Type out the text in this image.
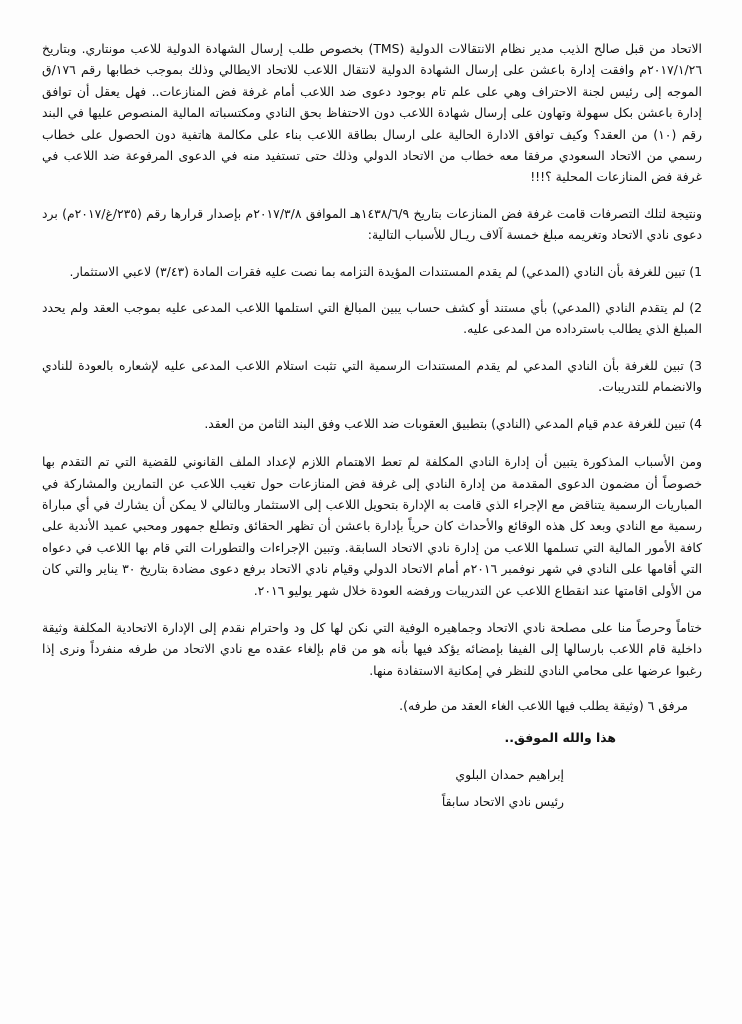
الاتحاد من قبل صالح الذيب مدير نظام الانتقالات الدولية (TMS) بخصوص طلب إرسال الشهادة الدولية للاعب مونتاري. وبتاريخ ٢٠١٧/١/٢٦م وافقت إدارة باعشن على إرسال الشهادة الدولية لانتقال اللاعب للاتحاد الايطالي وذلك بموجب خطابها رقم ١٧٦/ق الموجه إلى رئيس لجنة الاحتراف وهي على علم تام بوجود دعوى ضد اللاعب أمام غرفة فض المنازعات.. فهل يعقل أن توافق إدارة باعشن بكل سهولة وتهاون على إرسال شهادة اللاعب دون الاحتفاظ بحق النادي ومكتسباته المالية المنصوص عليها في البند رقم (١٠) من العقد؟ وكيف توافق الادارة الحالية على ارسال بطاقة اللاعب بناء على مكالمة هاتفية دون الحصول على خطاب رسمي من الاتحاد السعودي مرفقا معه خطاب من الاتحاد الدولي وذلك حتى تستفيد منه في الدعوى المرفوعة ضد اللاعب في غرفة فض المنازعات المحلية ؟!!!

ونتيجة لتلك التصرفات قامت غرفة فض المنازعات بتاريخ ١٤٣٨/٦/٩هـ الموافق ٢٠١٧/٣/٨م بإصدار قرارها رقم (٢٣٥/غ/٢٠١٧م) برد دعوى نادي الاتحاد وتغريمه مبلغ خمسة آلاف ريـال للأسباب التالية:

1) تبين للغرفة بأن النادي (المدعي) لم يقدم المستندات المؤيدة التزامه بما نصت عليه فقرات المادة (٣/٤٣) لاعبي الاستثمار.

2) لم يتقدم النادي (المدعي) بأي مستند أو كشف حساب يبين المبالغ التي استلمها اللاعب المدعى عليه بموجب العقد ولم يحدد المبلغ الذي يطالب باسترداده من المدعى عليه.

3) تبين للغرفة بأن النادي المدعي لم يقدم المستندات الرسمية التي تثبت استلام اللاعب المدعى عليه لإشعاره بالعودة للنادي والانضمام للتدريبات.

4) تبين للغرفة عدم قيام المدعي (النادي) بتطبيق العقوبات ضد اللاعب وفق البند الثامن من العقد.

ومن الأسباب المذكورة يتبين أن إدارة النادي المكلفة لم تعط الاهتمام اللازم لإعداد الملف القانوني للقضية التي تم التقدم بها خصوصاً أن مضمون الدعوى المقدمة من إدارة النادي إلى غرفة فض المنازعات حول تغيب اللاعب عن التمارين والمشاركة في المباريات الرسمية يتناقض مع الإجراء الذي قامت به الإدارة بتحويل اللاعب إلى الاستثمار وبالتالي لا يمكن أن يشارك في أي مباراة رسمية مع النادي وبعد كل هذه الوقائع والأحداث كان حرياً بإدارة باعشن أن تظهر الحقائق وتطلع جمهور ومحبي عميد الأندية على كافة الأمور المالية التي تسلمها اللاعب من إدارة نادي الاتحاد السابقة. وتبين الإجراءات والتطورات التي قام بها اللاعب في دعواه التي أقامها على النادي في شهر نوفمبر ٢٠١٦م أمام الاتحاد الدولي وقيام نادي الاتحاد برفع دعوى مضادة بتاريخ ٣٠ يناير والتي كان من الأولى اقامتها عند انقطاع اللاعب عن التدريبات ورفضه العودة خلال شهر يوليو ٢٠١٦.

ختاماً وحرصاً منا على مصلحة نادي الاتحاد وجماهيره الوفية التي نكن لها كل ود واحترام نقدم إلى الإدارة الاتحادية المكلفة وثيقة داخلية قام اللاعب بارسالها إلى الفيفا بإمضائه يؤكد فيها بأنه هو من قام بإلغاء عقده مع نادي الاتحاد من طرفه منفرداً ونرى إذا رغبوا عرضها على محامي النادي للنظر في إمكانية الاستفادة منها.

مرفق ٦ (وثيقة يطلب فيها اللاعب الغاء العقد من طرفه).

هذا والله الموفق..

إبراهيم حمدان البلوي

رئيس نادي الاتحاد سابقاً
